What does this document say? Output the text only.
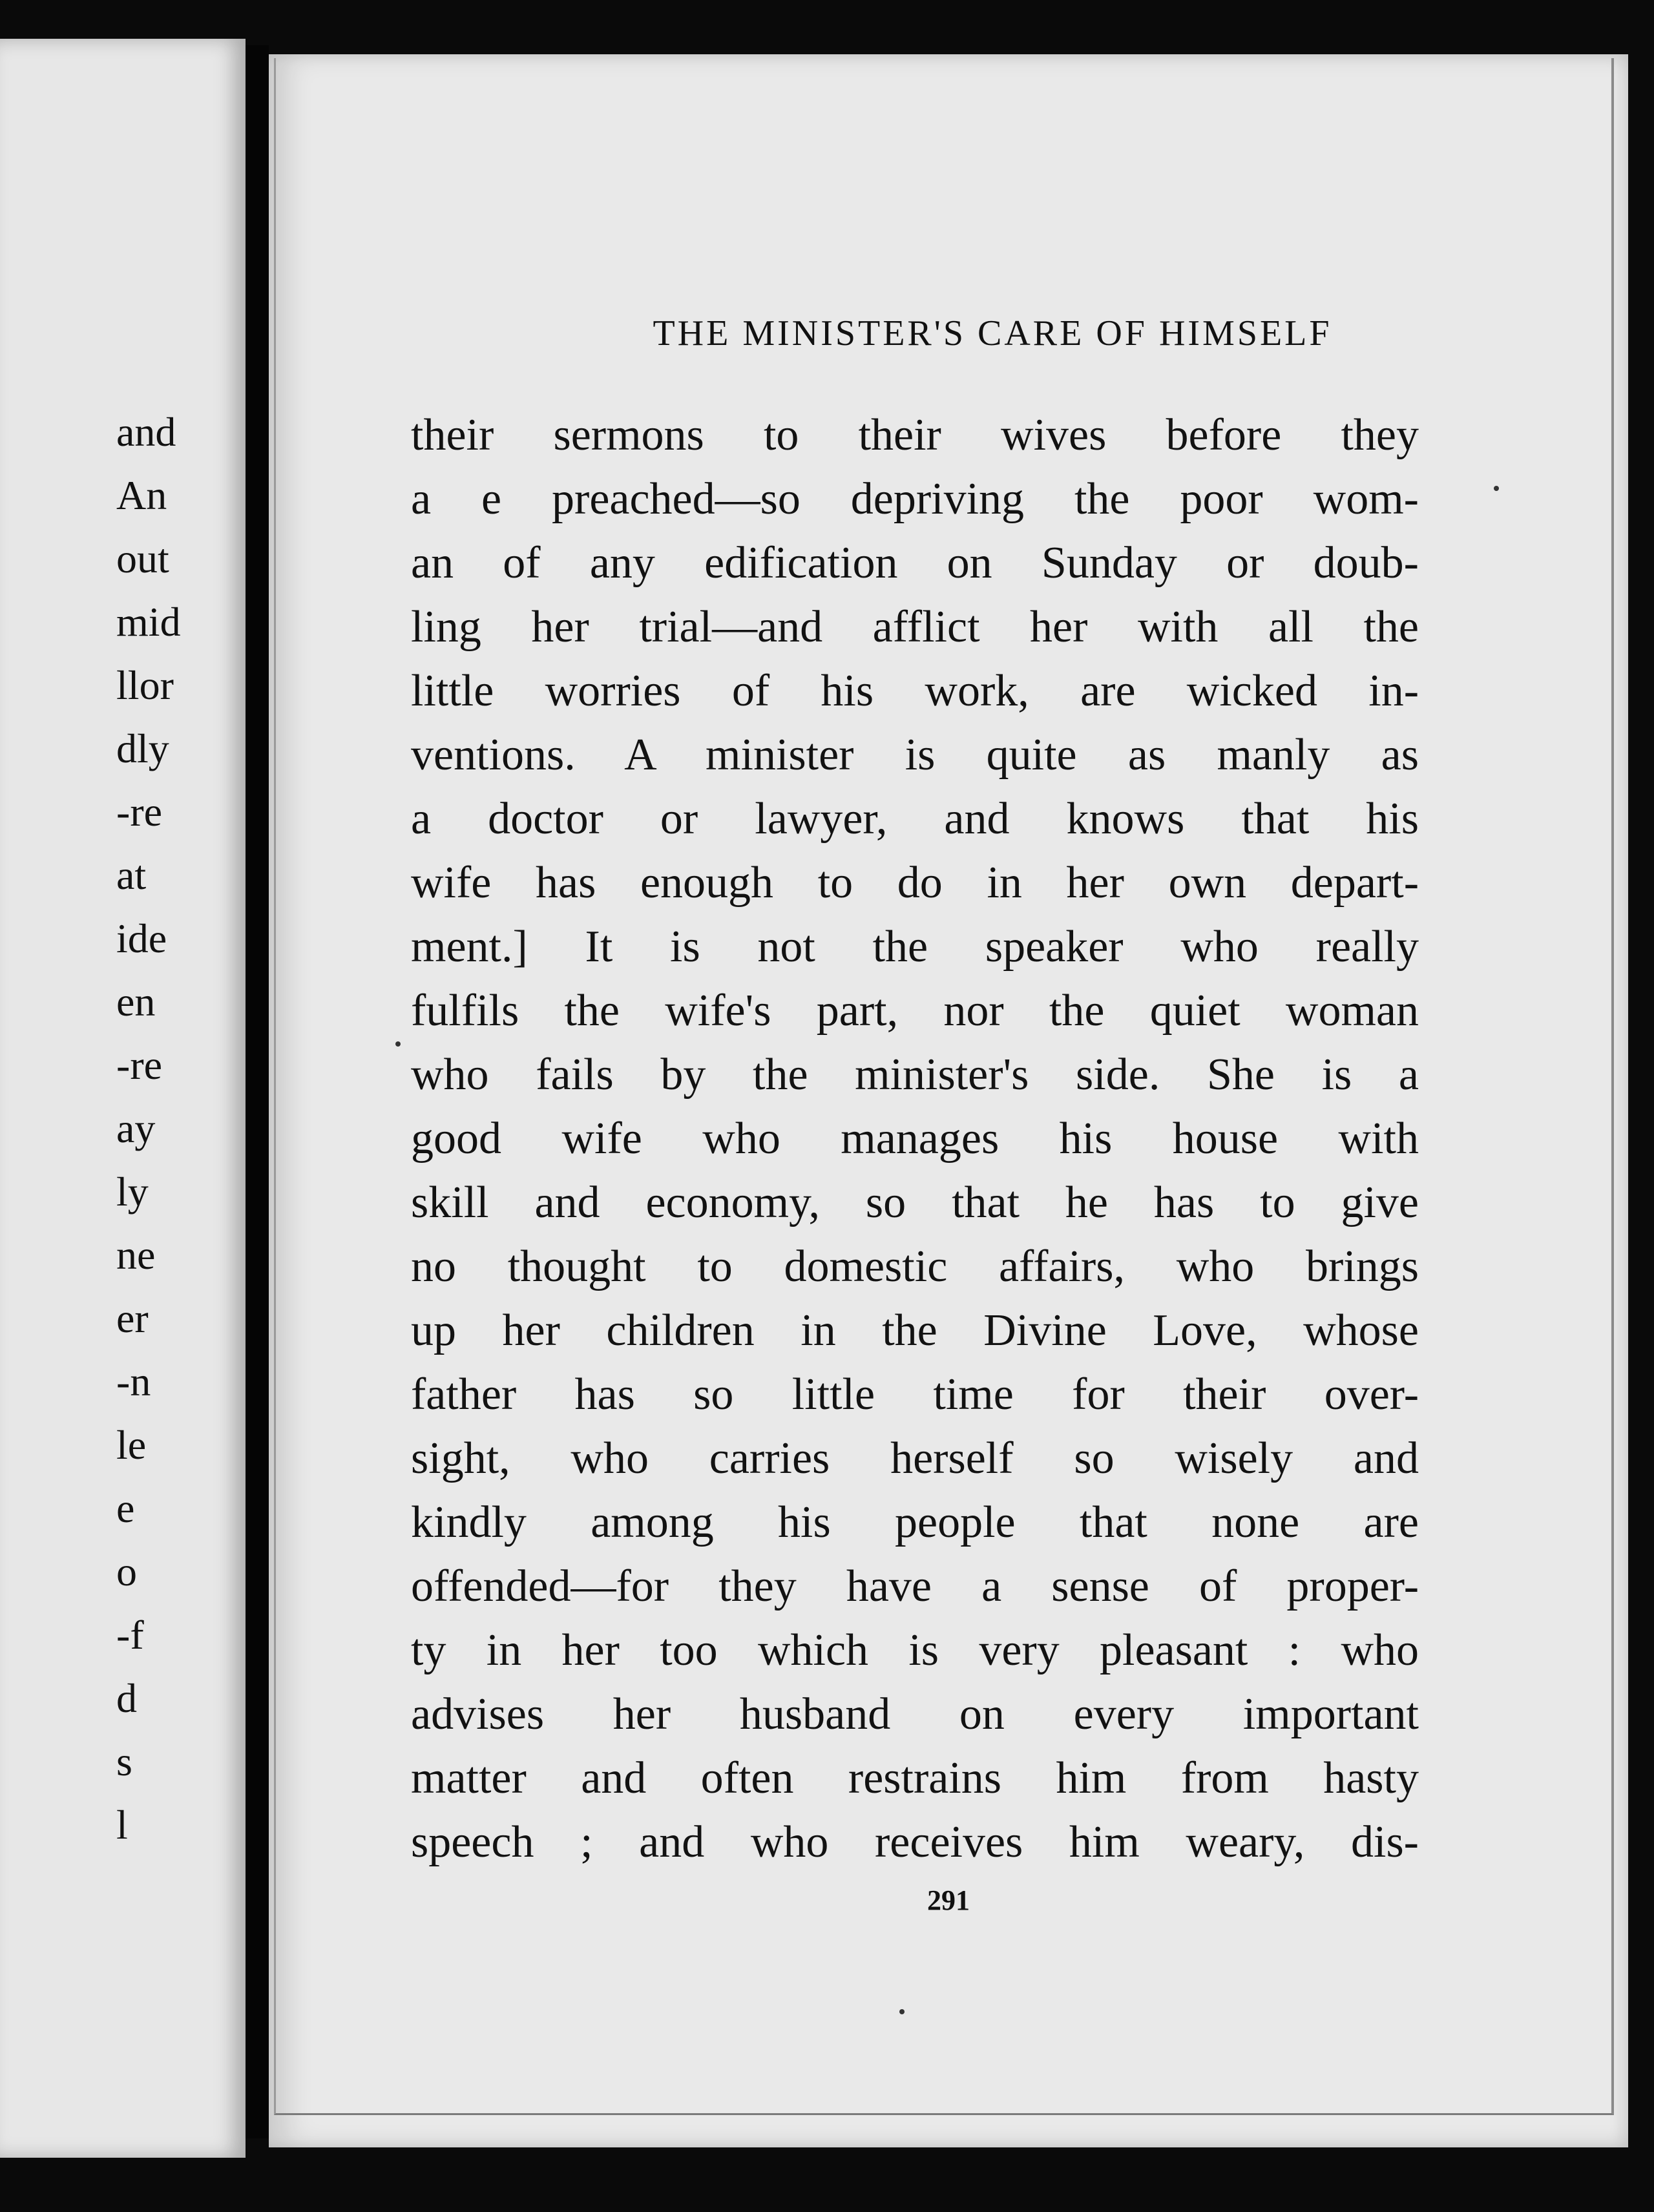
and
An
out
mid
llor
dly
re-
at
ide
en
re-
ay
ly
ne
er
n-
le
e
o
f-
d
s
l
THE MINISTER'S CARE OF HIMSELF
their sermons to their wives before they
a e preached—so depriving the poor wom-
an of any edification on Sunday or doub-
ling her trial—and afflict her with all the
little worries of his work, are wicked in-
ventions. A minister is quite as manly as
a doctor or lawyer, and knows that his
wife has enough to do in her own depart-
ment.] It is not the speaker who really
fulfils the wife's part, nor the quiet woman
who fails by the minister's side. She is a
good wife who manages his house with
skill and economy, so that he has to give
no thought to domestic affairs, who brings
up her children in the Divine Love, whose
father has so little time for their over-
sight, who carries herself so wisely and
kindly among his people that none are
offended—for they have a sense of proper-
ty in her too which is very pleasant : who
advises her husband on every important
matter and often restrains him from hasty
speech ; and who receives him weary, dis-
291
